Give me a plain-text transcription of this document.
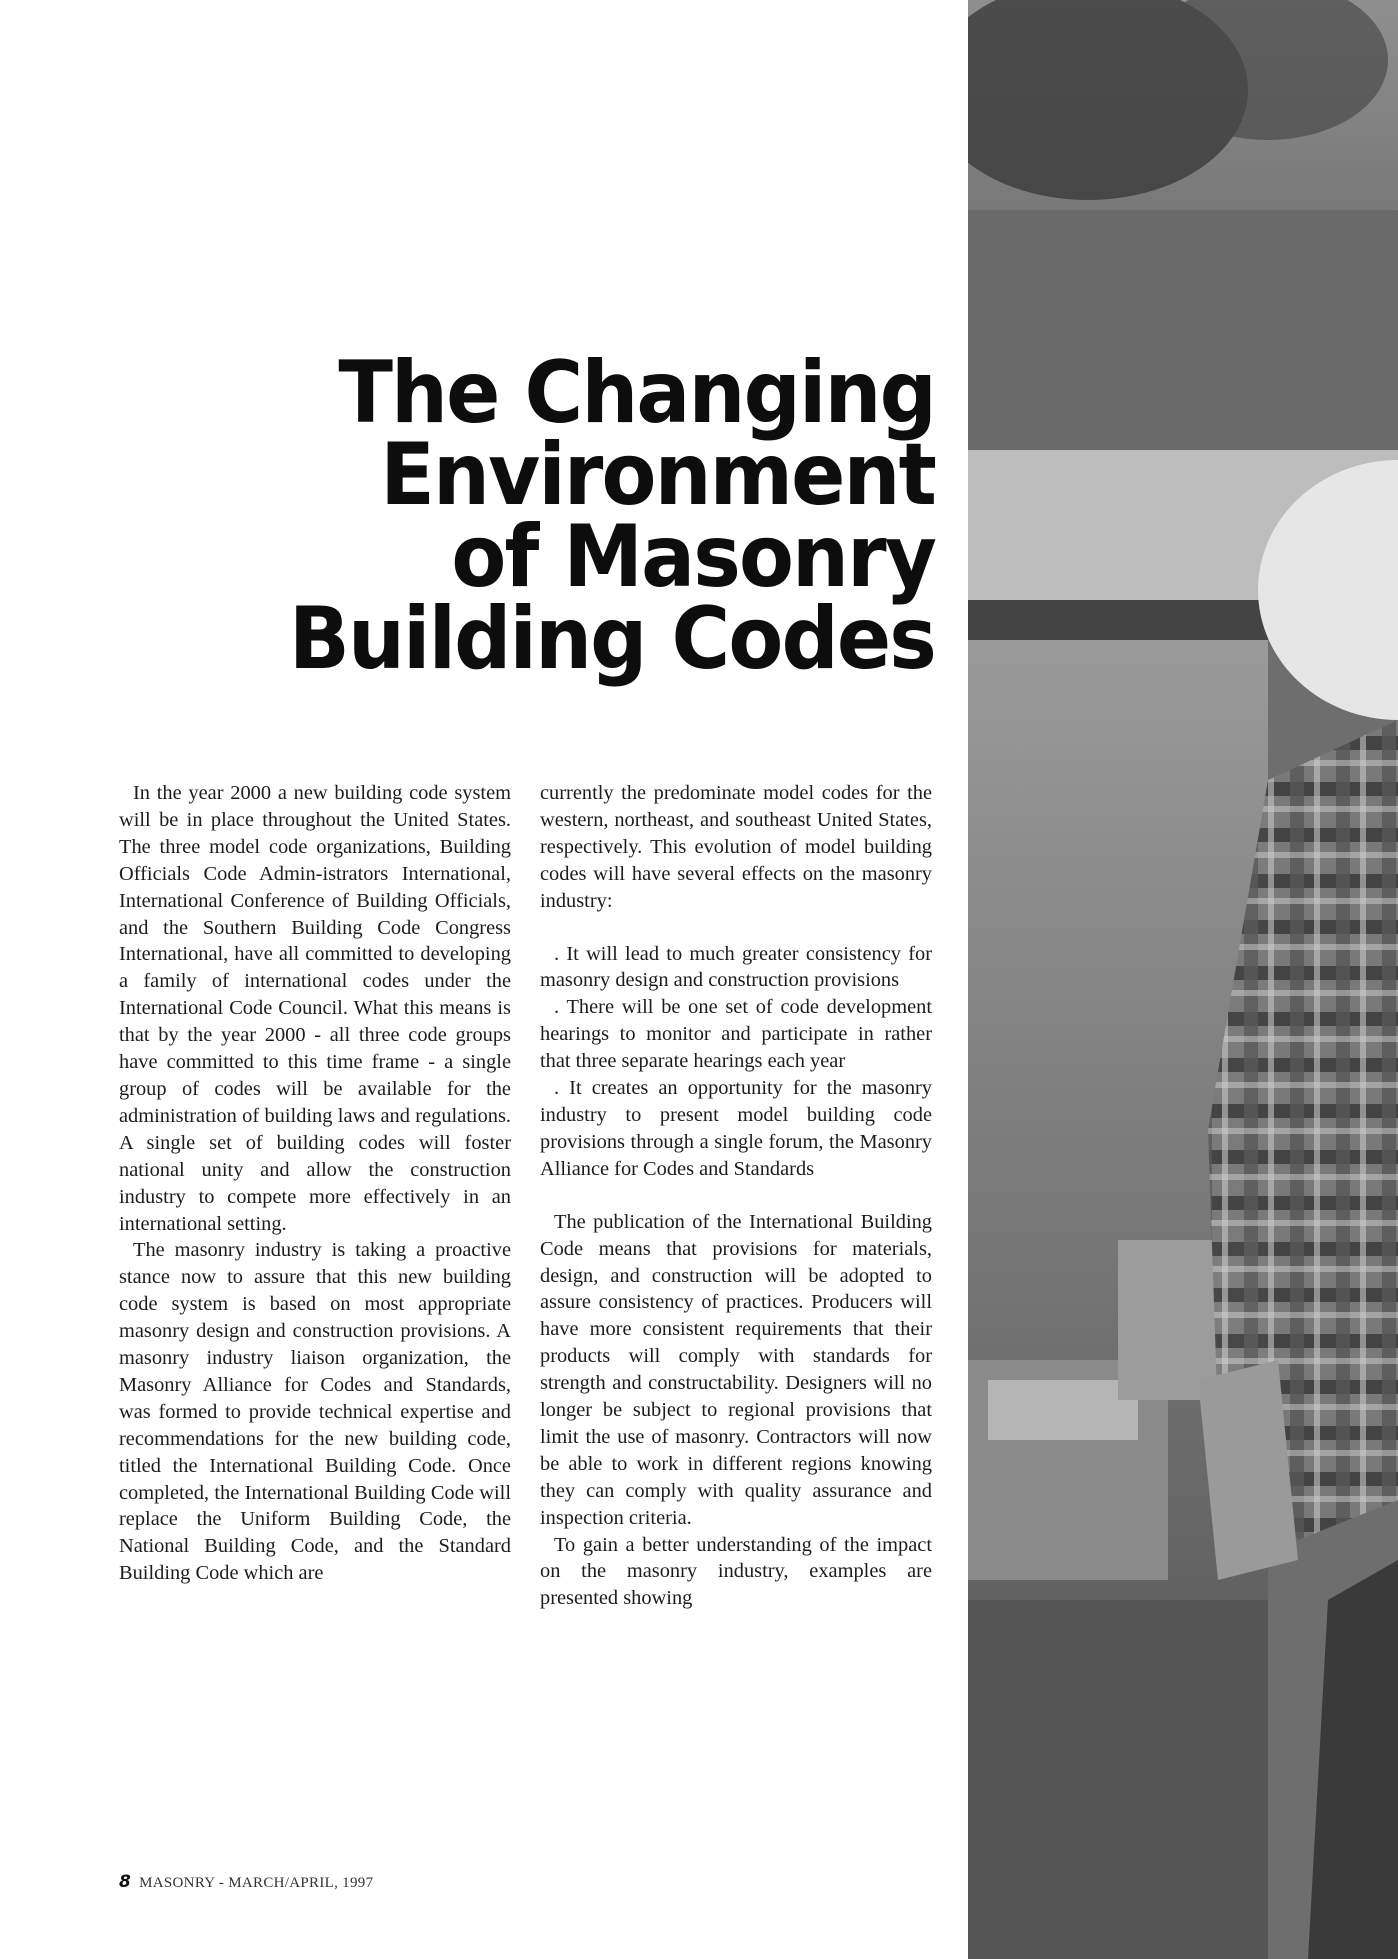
The Changing
Environment
of Masonry
Building Codes

In the year 2000 a new building code system will be in place throughout the United States. The three model code organizations, Building Officials Code Admin-istrators International, International Conference of Building Officials, and the Southern Building Code Congress International, have all committed to developing a family of international codes under the International Code Council. What this means is that by the year 2000 - all three code groups have committed to this time frame - a single group of codes will be available for the administration of building laws and regulations. A single set of building codes will foster national unity and allow the construction industry to compete more effectively in an international setting.

The masonry industry is taking a proactive stance now to assure that this new building code system is based on most appropriate masonry design and construction provisions. A masonry industry liaison organization, the Masonry Alliance for Codes and Standards, was formed to provide technical expertise and recommendations for the new building code, titled the International Building Code. Once completed, the International Building Code will replace the Uniform Building Code, the National Building Code, and the Standard Building Code which are

currently the predominate model codes for the western, northeast, and southeast United States, respectively. This evolution of model building codes will have several effects on the masonry industry:

. It will lead to much greater consistency for masonry design and construction provisions
. There will be one set of code development hearings to monitor and participate in rather that three separate hearings each year
. It creates an opportunity for the masonry industry to present model building code provisions through a single forum, the Masonry Alliance for Codes and Standards

The publication of the International Building Code means that provisions for materials, design, and construction will be adopted to assure consistency of practices. Producers will have more consistent requirements that their products will comply with standards for strength and constructability. Designers will no longer be subject to regional provisions that limit the use of masonry. Contractors will now be able to work in different regions knowing they can comply with quality assurance and inspection criteria.

To gain a better understanding of the impact on the masonry industry, examples are presented showing

8 MASONRY - MARCH/APRIL, 1997
